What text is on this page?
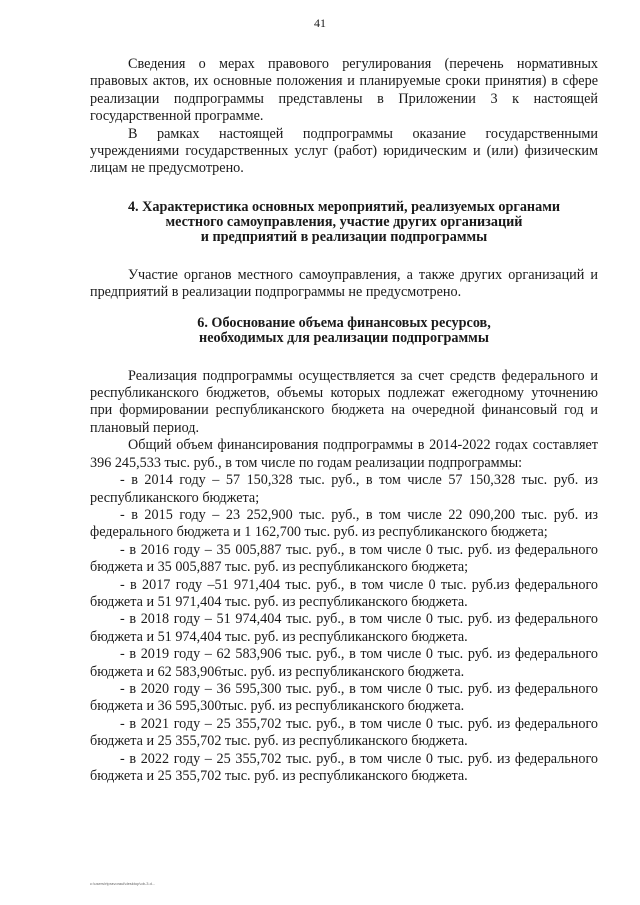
41

Сведения о мерах правового регулирования (перечень нормативных правовых актов, их основные положения и планируемые сроки принятия) в сфере реализации подпрограммы представлены в Приложении 3 к настоящей государственной программе.

В рамках настоящей подпрограммы оказание государственными учреждениями государственных услуг (работ) юридическим и (или) физическим лицам не предусмотрено.

4. Характеристика основных мероприятий, реализуемых органами
местного самоуправления, участие других организаций
и предприятий в реализации подпрограммы

Участие органов местного самоуправления, а также других организаций и предприятий в реализации подпрограммы не предусмотрено.

6. Обоснование объема финансовых ресурсов,
необходимых для реализации подпрограммы

Реализация подпрограммы осуществляется за счет средств федерального и республиканского бюджетов, объемы которых подлежат ежегодному уточнению при формировании республиканского бюджета на очередной финансовый год и плановый период.

Общий объем финансирования подпрограммы в 2014-2022 годах составляет 396 245,533 тыс. руб., в том числе по годам реализации подпрограммы:

- в 2014 году – 57 150,328 тыс. руб., в том числе 57 150,328 тыс. руб. из республиканского бюджета;

- в 2015 году – 23 252,900 тыс. руб., в том числе 22 090,200 тыс. руб. из федерального бюджета и 1 162,700 тыс. руб. из республиканского бюджета;

- в 2016 году – 35 005,887 тыс. руб., в том числе 0 тыс. руб. из федерального бюджета и 35 005,887 тыс. руб. из республиканского бюджета;

- в 2017 году –51 971,404 тыс. руб., в том числе 0 тыс. руб.из федерального бюджета и 51 971,404 тыс. руб. из республиканского бюджета.

- в 2018 году – 51 974,404 тыс. руб., в том числе 0 тыс. руб. из федерального бюджета и 51 974,404 тыс. руб. из республиканского бюджета.

- в 2019 году – 62 583,906 тыс. руб., в том числе 0 тыс. руб. из федерального бюджета и 62 583,906тыс. руб. из республиканского бюджета.

- в 2020 году – 36 595,300 тыс. руб., в том числе 0 тыс. руб. из федерального бюджета и 36 595,300тыс. руб. из республиканского бюджета.

- в 2021 году – 25 355,702 тыс. руб., в том числе 0 тыс. руб. из федерального бюджета и 25 355,702 тыс. руб. из республиканского бюджета.

- в 2022 году – 25 355,702 тыс. руб., в том числе 0 тыс. руб. из федерального бюджета и 25 355,702 тыс. руб. из республиканского бюджета.

c:\users\rtpravoraul\desktop\ob-3.d...
